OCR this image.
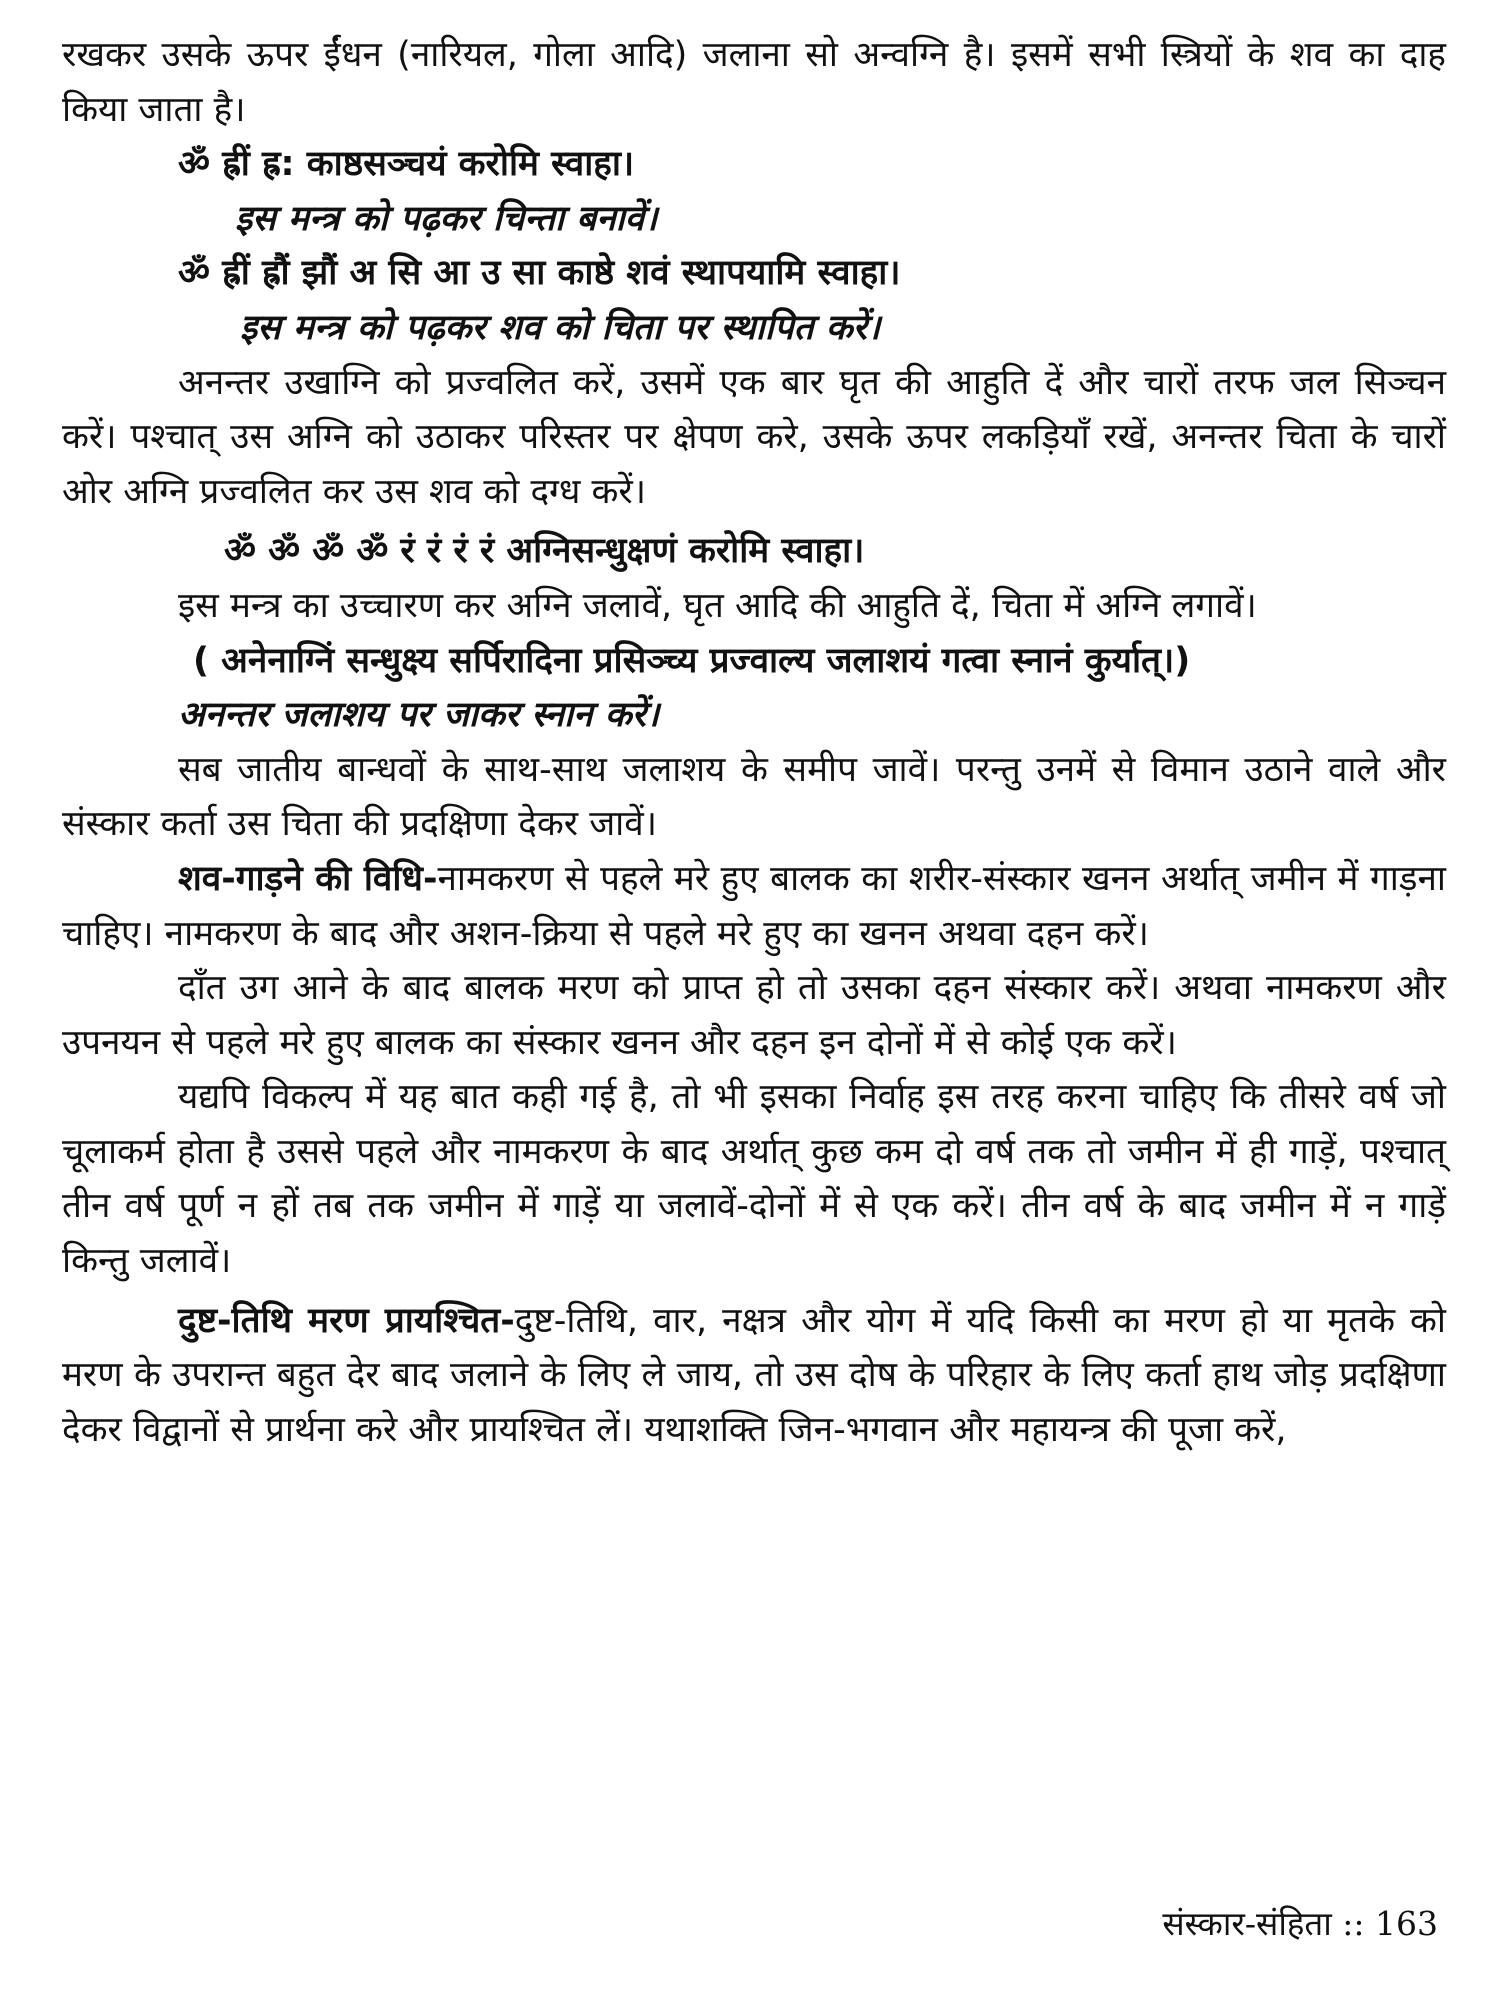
रखकर उसके ऊपर ईंधन (नारियल, गोला आदि) जलाना सो अन्वग्नि है। इसमें सभी स्त्रियों के शव का दाह किया जाता है।

ॐ ह्रीं ह्र: काष्ठसञ्चयं करोमि स्वाहा।

इस मन्त्र को पढ़कर चिन्ता बनावें।

ॐ ह्रीं ह्रौं झौं अ सि आ उ सा काष्ठे शवं स्थापयामि स्वाहा।

इस मन्त्र को पढ़कर शव को चिता पर स्थापित करें।

अनन्तर उखाग्नि को प्रज्वलित करें, उसमें एक बार घृत की आहुति दें और चारों तरफ जल सिञ्चन करें। पश्चात् उस अग्नि को उठाकर परिस्तर पर क्षेपण करे, उसके ऊपर लकड़ियाँ रखें, अनन्तर चिता के चारों ओर अग्नि प्रज्वलित कर उस शव को दग्ध करें।

ॐ ॐ ॐ ॐ रं रं रं रं अग्निसन्धुक्षणं करोमि स्वाहा।

इस मन्त्र का उच्चारण कर अग्नि जलावें, घृत आदि की आहुति दें, चिता में अग्नि लगावें।

( अनेनाग्निं सन्धुक्ष्य सर्पिरादिना प्रसिञ्च्य प्रज्वाल्य जलाशयं गत्वा स्नानं कुर्यात्।)

अनन्तर जलाशय पर जाकर स्नान करें।

सब जातीय बान्धवों के साथ-साथ जलाशय के समीप जावें। परन्तु उनमें से विमान उठाने वाले और संस्कार कर्ता उस चिता की प्रदक्षिणा देकर जावें।

शव-गाड़ने की विधि-नामकरण से पहले मरे हुए बालक का शरीर-संस्कार खनन अर्थात् जमीन में गाड़ना चाहिए। नामकरण के बाद और अशन-क्रिया से पहले मरे हुए का खनन अथवा दहन करें।

दाँत उग आने के बाद बालक मरण को प्राप्त हो तो उसका दहन संस्कार करें। अथवा नामकरण और उपनयन से पहले मरे हुए बालक का संस्कार खनन और दहन इन दोनों में से कोई एक करें।

यद्यपि विकल्प में यह बात कही गई है, तो भी इसका निर्वाह इस तरह करना चाहिए कि तीसरे वर्ष जो चूलाकर्म होता है उससे पहले और नामकरण के बाद अर्थात् कुछ कम दो वर्ष तक तो जमीन में ही गाड़ें, पश्चात् तीन वर्ष पूर्ण न हों तब तक जमीन में गाड़ें या जलावें-दोनों में से एक करें। तीन वर्ष के बाद जमीन में न गाड़ें किन्तु जलावें।

दुष्ट-तिथि मरण प्रायश्चित-दुष्ट-तिथि, वार, नक्षत्र और योग में यदि किसी का मरण हो या मृतके को मरण के उपरान्त बहुत देर बाद जलाने के लिए ले जाय, तो उस दोष के परिहार के लिए कर्ता हाथ जोड़ प्रदक्षिणा देकर विद्वानों से प्रार्थना करे और प्रायश्चित लें। यथाशक्ति जिन-भगवान और महायन्त्र की पूजा करें,

संस्कार-संहिता :: 163
